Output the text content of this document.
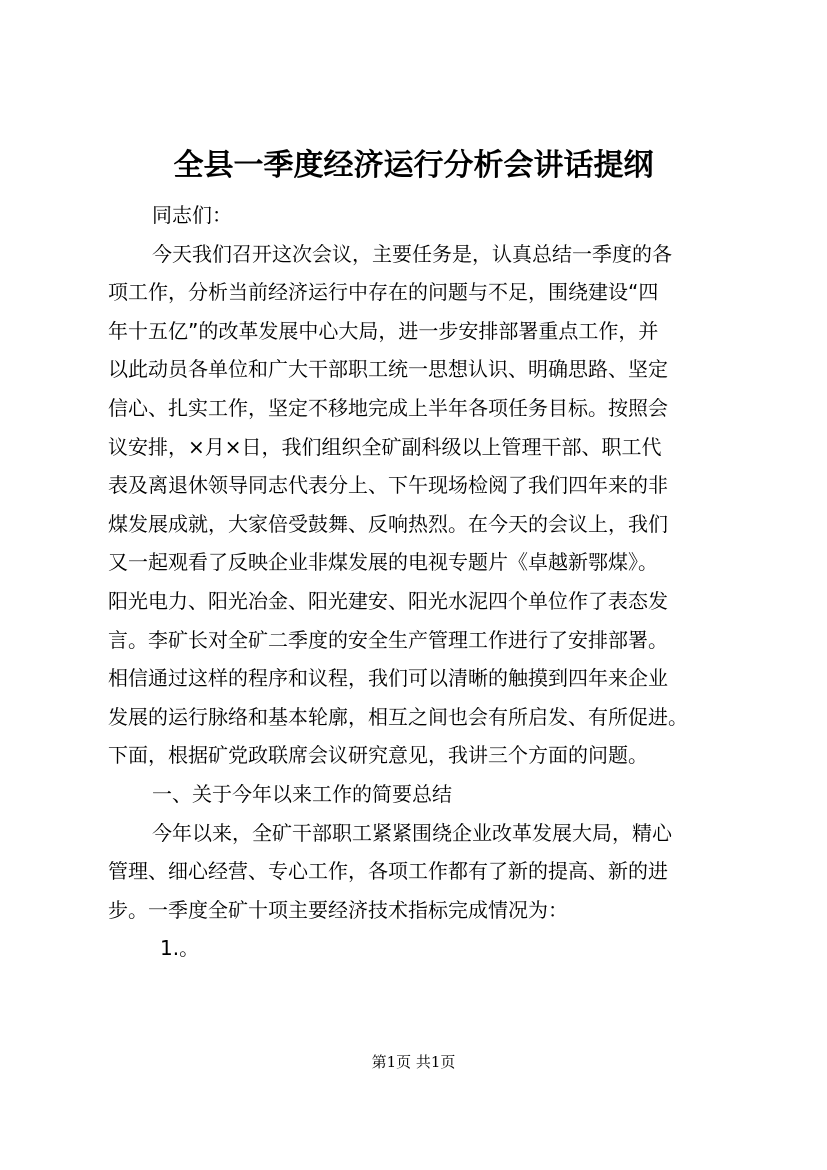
全县一季度经济运行分析会讲话提纲
同志们：
今天我们召开这次会议，主要任务是，认真总结一季度的各
项工作，分析当前经济运行中存在的问题与不足，围绕建设“四
年十五亿”的改革发展中心大局，进一步安排部署重点工作，并
以此动员各单位和广大干部职工统一思想认识、明确思路、坚定
信心、扎实工作，坚定不移地完成上半年各项任务目标。按照会
议安排，×月×日，我们组织全矿副科级以上管理干部、职工代
表及离退休领导同志代表分上、下午现场检阅了我们四年来的非
煤发展成就，大家倍受鼓舞、反响热烈。在今天的会议上，我们
又一起观看了反映企业非煤发展的电视专题片《卓越新鄂煤》。
阳光电力、阳光冶金、阳光建安、阳光水泥四个单位作了表态发
言。李矿长对全矿二季度的安全生产管理工作进行了安排部署。
相信通过这样的程序和议程，我们可以清晰的触摸到四年来企业
发展的运行脉络和基本轮廓，相互之间也会有所启发、有所促进。
下面，根据矿党政联席会议研究意见，我讲三个方面的问题。
一、关于今年以来工作的简要总结
今年以来，全矿干部职工紧紧围绕企业改革发展大局，精心
管理、细心经营、专心工作，各项工作都有了新的提高、新的进
步。一季度全矿十项主要经济技术指标完成情况为：
1.。
第1页 共1页
